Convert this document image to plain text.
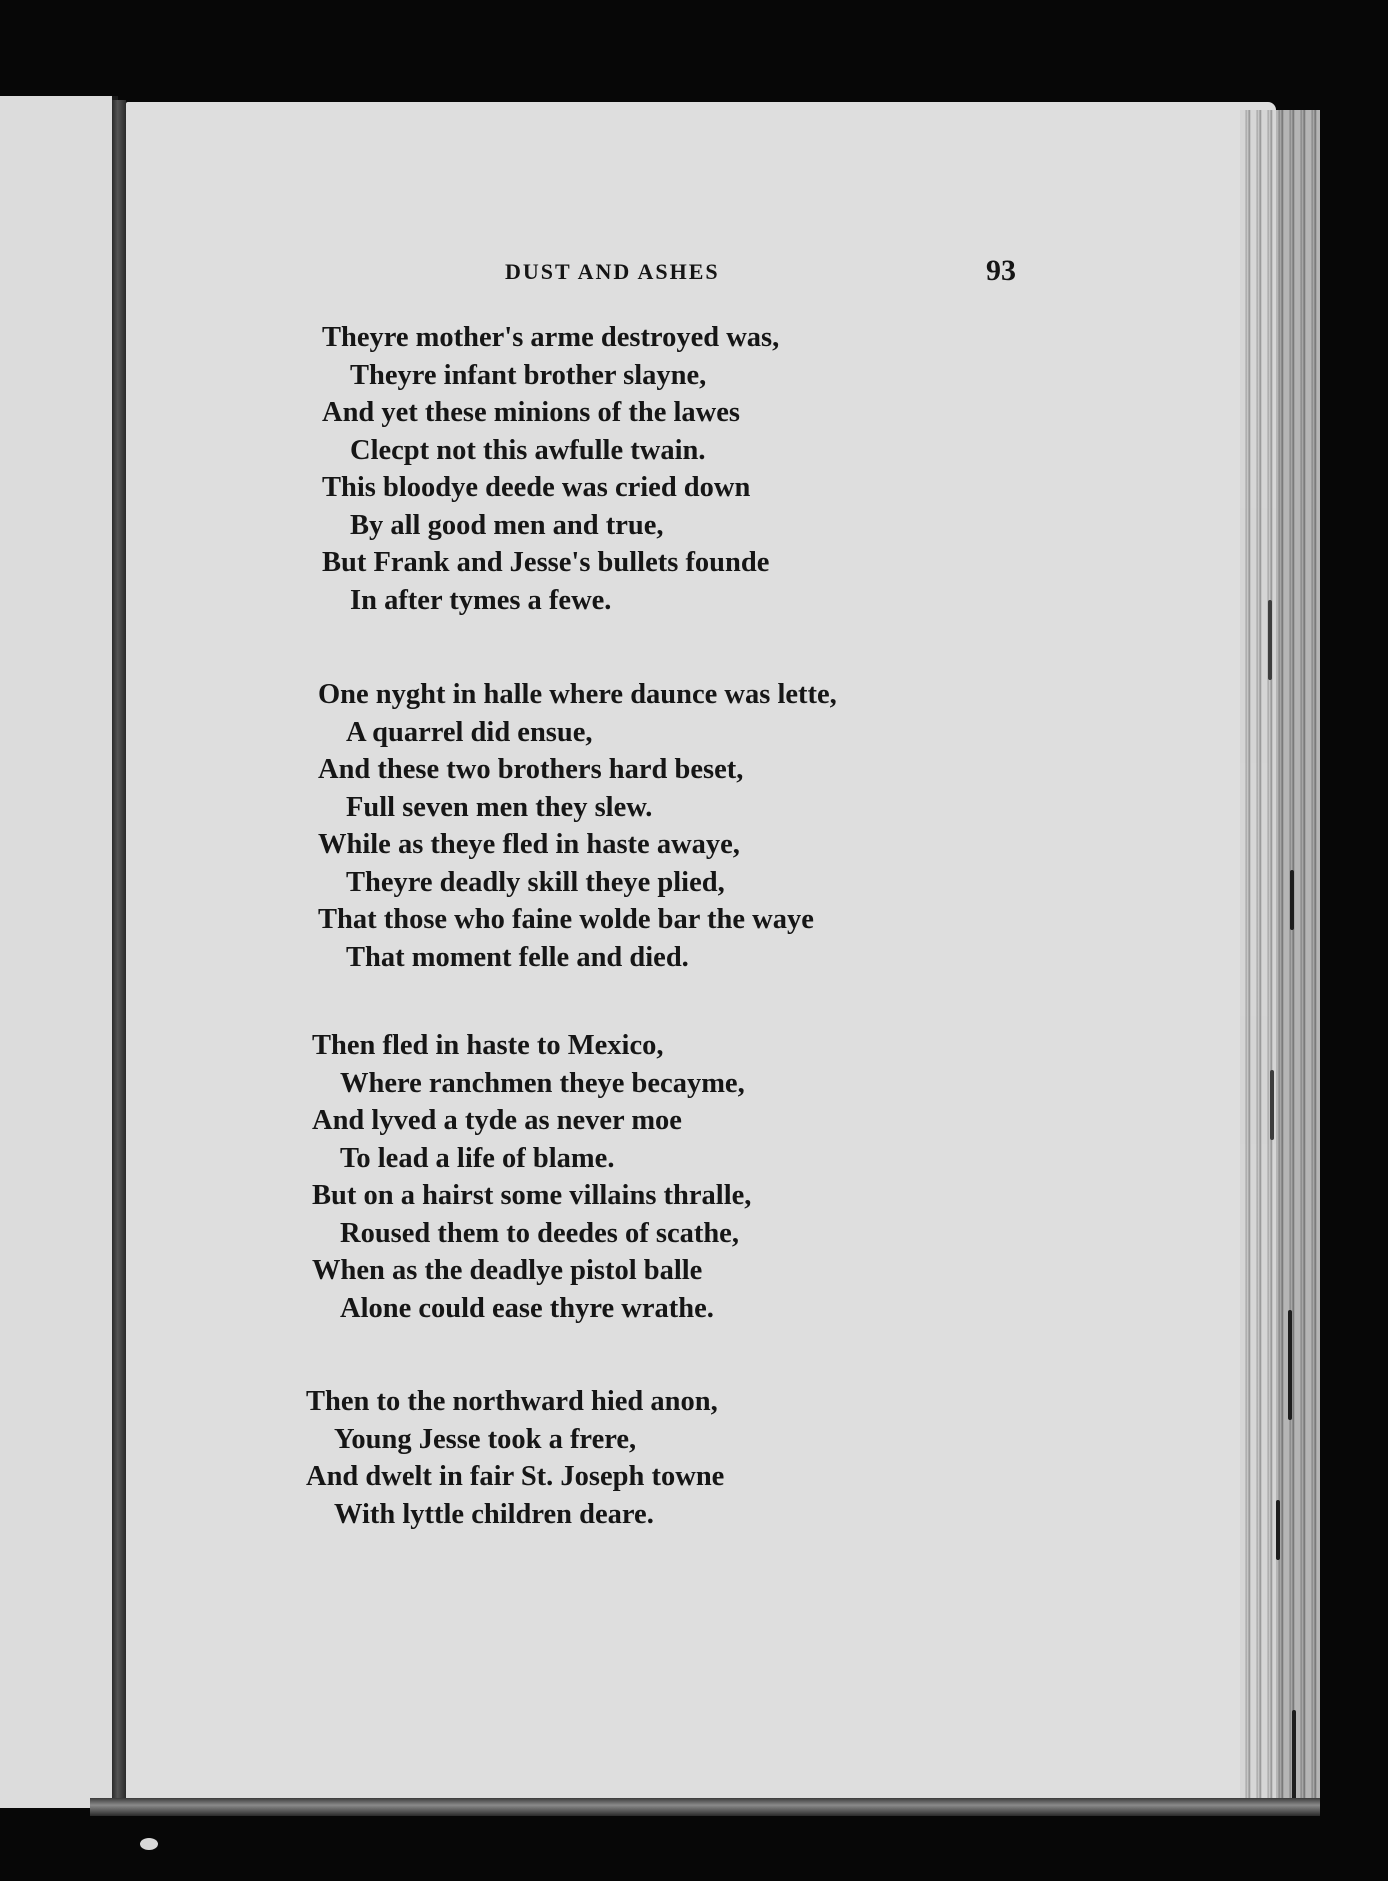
DUST AND ASHES	93
Theyre mother's arme destroyed was,
Theyre infant brother slayne,
And yet these minions of the lawes
Clecpt not this awfulle twain.
This bloodye deede was cried down
By all good men and true,
But Frank and Jesse's bullets founde
In after tymes a fewe.
One nyght in halle where daunce was lette,
A quarrel did ensue,
And these two brothers hard beset,
Full seven men they slew.
While as theye fled in haste awaye,
Theyre deadly skill theye plied,
That those who faine wolde bar the waye
That moment felle and died.
Then fled in haste to Mexico,
Where ranchmen theye becayme,
And lyved a tyde as never moe
To lead a life of blame.
But on a hairst some villains thralle,
Roused them to deedes of scathe,
When as the deadlye pistol balle
Alone could ease thyre wrathe.
Then to the northward hied anon,
Young Jesse took a frere,
And dwelt in fair St. Joseph towne
With lyttle children deare.
